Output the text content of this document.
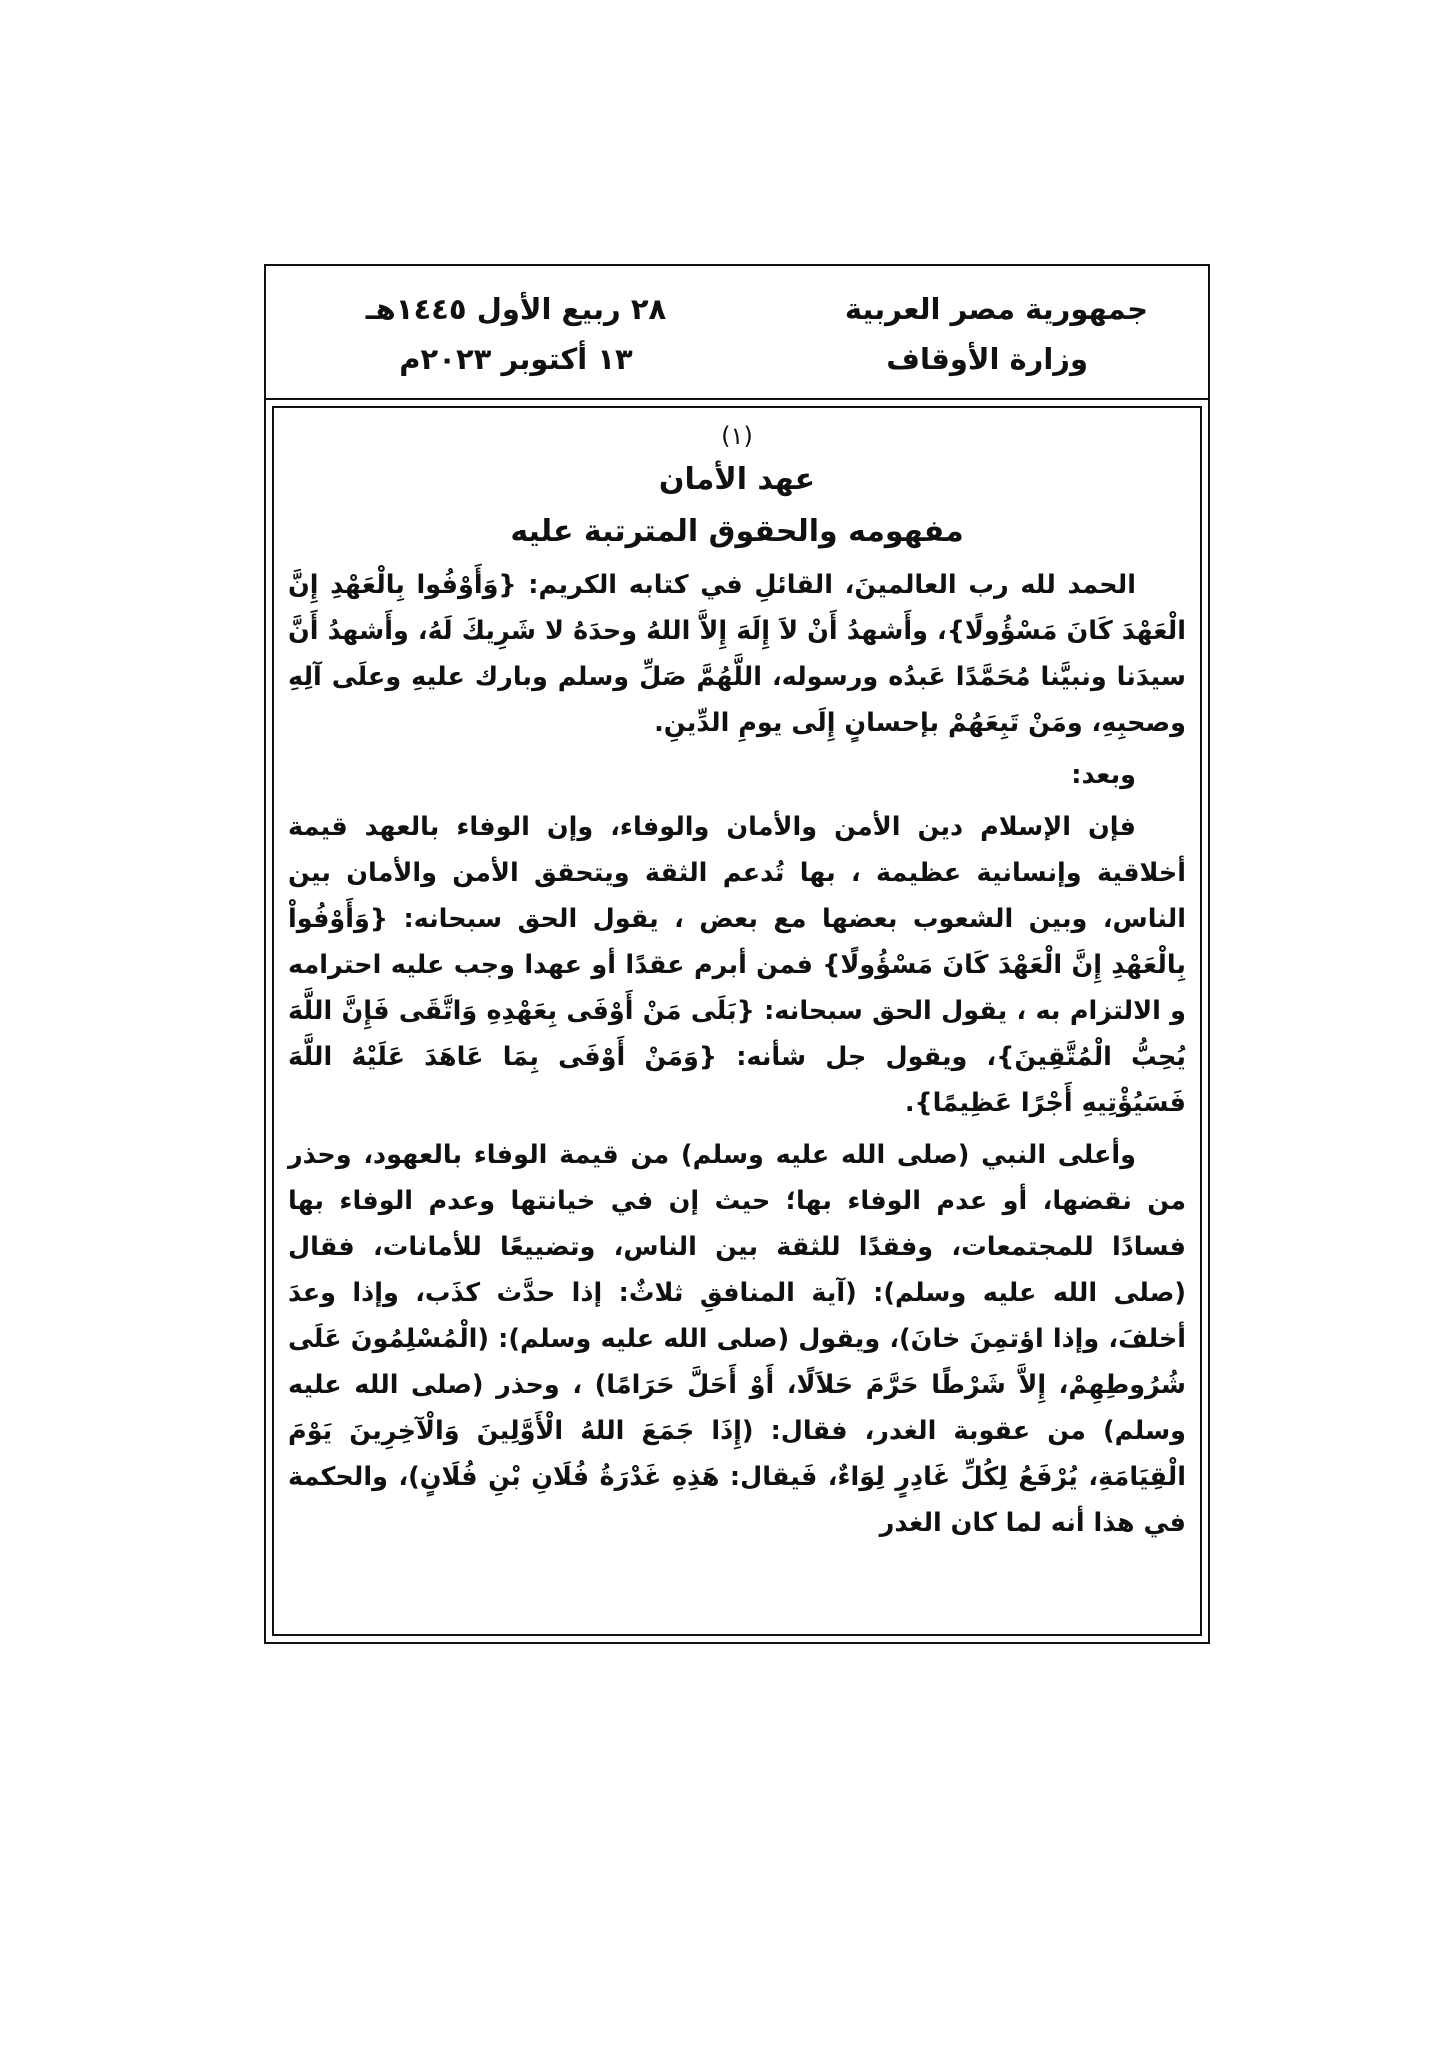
جمهورية مصر العربية
وزارة الأوقاف
٢٨ ربيع الأول ١٤٤٥هـ
١٣ أكتوبر ٢٠٢٣م
(١)
عهد الأمان
مفهومه والحقوق المترتبة عليه

الحمد لله رب العالمينَ، القائلِ في كتابه الكريم: {وَأَوْفُوا بِالْعَهْدِ إِنَّ الْعَهْدَ كَانَ مَسْؤُولًا}، وأَشهدُ أَنْ لاَ إِلَهَ إِلاَّ اللهُ وحدَهُ لا شَرِيكَ لَهُ، وأَشهدُ أَنَّ سيدَنا ونبيَّنا مُحَمَّدًا عَبدُه ورسوله، اللَّهُمَّ صَلِّ وسلم وبارك عليهِ وعلَى آلِهِ وصحبِهِ، ومَنْ تَبِعَهُمْ بإحسانٍ إِلَى يومِ الدِّينِ.

وبعد:

فإن الإسلام دين الأمن والأمان والوفاء، وإن الوفاء بالعهد قيمة أخلاقية وإنسانية عظيمة ، بها تُدعم الثقة ويتحقق الأمن والأمان بين الناس، وبين الشعوب بعضها مع بعض ، يقول الحق سبحانه: {وَأَوْفُواْ بِالْعَهْدِ إِنَّ الْعَهْدَ كَانَ مَسْؤُولًا} فمن أبرم عقدًا أو عهدا وجب عليه احترامه و الالتزام به ، يقول الحق سبحانه: {بَلَى مَنْ أَوْفَى بِعَهْدِهِ وَاتَّقَى فَإِنَّ اللَّهَ يُحِبُّ الْمُتَّقِينَ}، ويقول جل شأنه: {وَمَنْ أَوْفَى بِمَا عَاهَدَ عَلَيْهُ اللَّهَ فَسَيُؤْتِيهِ أَجْرًا عَظِيمًا}.

وأعلى النبي (صلى الله عليه وسلم) من قيمة الوفاء بالعهود، وحذر من نقضها، أو عدم الوفاء بها؛ حيث إن في خيانتها وعدم الوفاء بها فسادًا للمجتمعات، وفقدًا للثقة بين الناس، وتضييعًا للأمانات، فقال (صلى الله عليه وسلم): (آية المنافقِ ثلاثٌ: إذا حدَّث كذَب، وإذا وعدَ أخلفَ، وإذا اؤتمِنَ خانَ)، ويقول (صلى الله عليه وسلم): (الْمُسْلِمُونَ عَلَى شُرُوطِهِمْ، إِلاَّ شَرْطًا حَرَّمَ حَلاَلًا، أَوْ أَحَلَّ حَرَامًا) ، وحذر (صلى الله عليه وسلم) من عقوبة الغدر، فقال: (إِذَا جَمَعَ اللهُ الْأَوَّلِينَ وَالْآخِرِينَ يَوْمَ الْقِيَامَةِ، يُرْفَعُ لِكُلِّ غَادِرٍ لِوَاءٌ، فَيقال: هَذِهِ غَدْرَةُ فُلَانِ بْنِ فُلَانٍ)، والحكمة في هذا أنه لما كان الغدر
